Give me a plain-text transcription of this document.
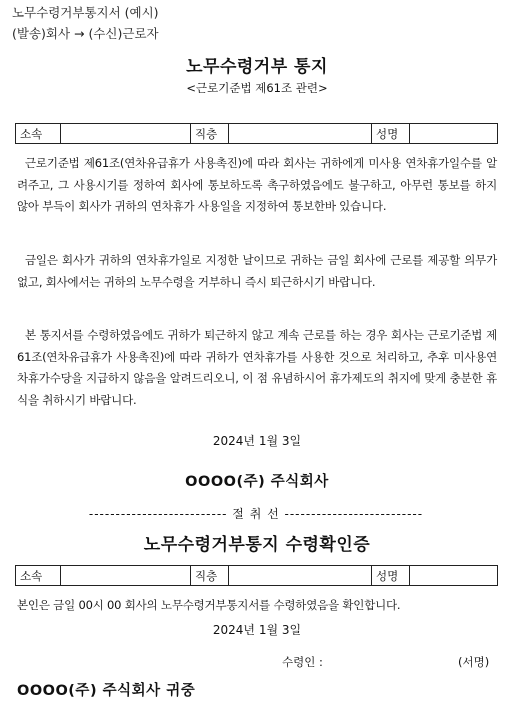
노무수령거부통지서 (예시)
(발송)회사 → (수신)근로자
노무수령거부 통지
<근로기준법 제61조 관련>
소속		직층		성명	
근로기준법 제61조(연차유급휴가 사용촉진)에 따라 회사는 귀하에게 미사용 연차휴가일수를 알려주고, 그 사용시기를 정하여 회사에 통보하도록 촉구하였음에도 불구하고, 아무런 통보를 하지 않아 부득이 회사가 귀하의 연차휴가 사용일을 지정하여 통보한바 있습니다.
금일은 회사가 귀하의 연차휴가일로 지정한 날이므로 귀하는 금일 회사에 근로를 제공할 의무가 없고, 회사에서는 귀하의 노무수령을 거부하니 즉시 퇴근하시기 바랍니다.
본 통지서를 수령하였음에도 귀하가 퇴근하지 않고 계속 근로를 하는 경우 회사는 근로기준법 제61조(연차유급휴가 사용촉진)에 따라 귀하가 연차휴가를 사용한 것으로 처리하고, 추후 미사용연차휴가수당을 지급하지 않음을 알려드리오니, 이 점 유념하시어 휴가제도의 취지에 맞게 충분한 휴식을 취하시기 바랍니다.
2024년 1월 3일
OOOO(주) 주식회사
-------------------------- 절 취 선 --------------------------
노무수령거부통지 수령확인증
소속		직층		성명	
본인은 금일 00시 00 회사의 노무수령거부통지서를 수령하였음을 확인합니다.
2024년 1월 3일
수령인 :	(서명)
OOOO(주) 주식회사 귀중
